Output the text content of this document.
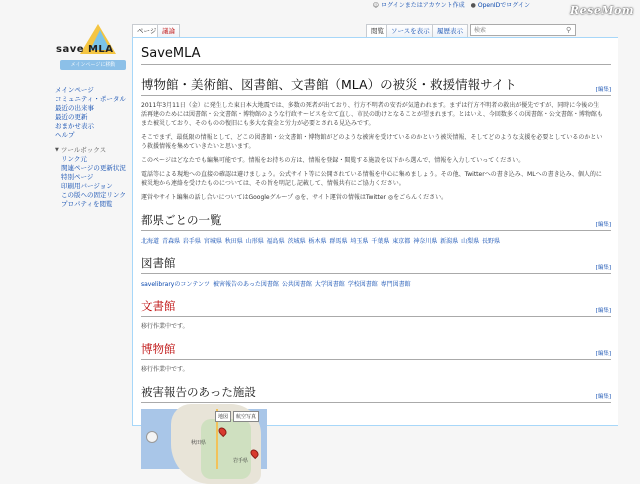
☺ ログインまたはアカウント作成 ● OpenIDでログイン	ReseMom
save MLA
メインページに移動
ページ 議論	閲覧	ソースを表示	履歴表示
検索	⚲
メインページ
コミュニティ・ポータル
最近の出来事
最近の更新
おまかせ表示
ヘルプ
▼ ツールボックス
リンク元
関連ページの更新状況
特別ページ
印刷用バージョン
この版への固定リンク
プロパティを閲覧
SaveMLA
博物館・美術館、図書館、文書館（MLA）の被災・救援情報サイト	[編集]

2011年3月11日（金）に発生した東日本大地震では、多数の死者が出ており、行方不明者の安否が気遣われます。まずは行方不明者の救出が優先ですが、同時に今後の生活再建のためには図書館・公文書館・博物館のような行政サービスを立て直し、市民の助けとなることが望まれます。とはいえ、今回数多くの図書館・公文書館・博物館もまた被災しており、そのものの復旧にも多大な資金と労力が必要とされる見込みです。

そこでまず、最低限の情報として、どこの図書館・公文書館・博物館がどのような被害を受けているのかという被災情報、そしてどのような支援を必要としているのかという救援情報を集めていきたいと思います。

このページはどなたでも編集可能です。情報をお持ちの方は、情報を登録・閲覧する施設を以下から選んで、情報を入力していってください。

電話等による現地への直接の確認は避けましょう。公式サイト等に公開されている情報を中心に集めましょう。その他、Twitterへの書き込み、MLへの書き込み、個人的に被災地から連絡を受けたものについては、その旨を明記し記載して、情報共有にご協力ください。

運営やサイト編集の話し合いについてはGoogleグループ ◎を、サイト運営の情報はTwitter ◎をごらんください。

都県ごとの一覧	[編集]
北海道 青森県 岩手県 宮城県 秋田県 山形県 福島県 茨城県 栃木県 群馬県 埼玉県 千葉県 東京都 神奈川県 新潟県 山梨県 長野県
図書館	[編集]
savelibraryのコンテンツ 被害報告のあった図書館 公共図書館 大学図書館 学校図書館 専門図書館
文書館	[編集]

移行作業中です。

博物館	[編集]

移行作業中です。

被害報告のあった施設	[編集]
秋田県
岩手県
地図	航空写真
